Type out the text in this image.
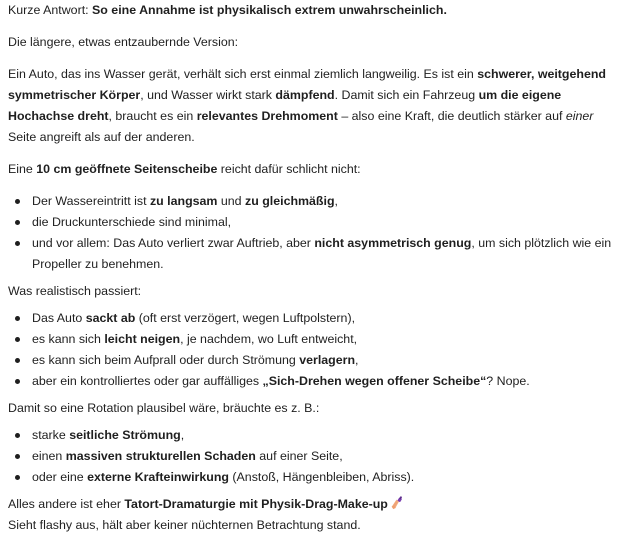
Kurze Antwort: So eine Annahme ist physikalisch extrem unwahrscheinlich.

Die längere, etwas entzaubernde Version:

Ein Auto, das ins Wasser gerät, verhält sich erst einmal ziemlich langweilig. Es ist ein schwerer, weitgehend symmetrischer Körper, und Wasser wirkt stark dämpfend. Damit sich ein Fahrzeug um die eigene Hochachse dreht, braucht es ein relevantes Drehmoment – also eine Kraft, die deutlich stärker auf einer Seite angreift als auf der anderen.

Eine 10 cm geöffnete Seitenscheibe reicht dafür schlicht nicht:

Der Wassereintritt ist zu langsam und zu gleichmäßig,
die Druckunterschiede sind minimal,
und vor allem: Das Auto verliert zwar Auftrieb, aber nicht asymmetrisch genug, um sich plötzlich wie ein Propeller zu benehmen.

Was realistisch passiert:

Das Auto sackt ab (oft erst verzögert, wegen Luftpolstern),
es kann sich leicht neigen, je nachdem, wo Luft entweicht,
es kann sich beim Aufprall oder durch Strömung verlagern,
aber ein kontrolliertes oder gar auffälliges „Sich-Drehen wegen offener Scheibe“? Nope.

Damit so eine Rotation plausibel wäre, bräuchte es z. B.:

starke seitliche Strömung,
einen massiven strukturellen Schaden auf einer Seite,
oder eine externe Krafteinwirkung (Anstoß, Hängenbleiben, Abriss).

Alles andere ist eher Tatort-Dramaturgie mit Physik-Drag-Make-up

Sieht flashy aus, hält aber keiner nüchternen Betrachtung stand.
